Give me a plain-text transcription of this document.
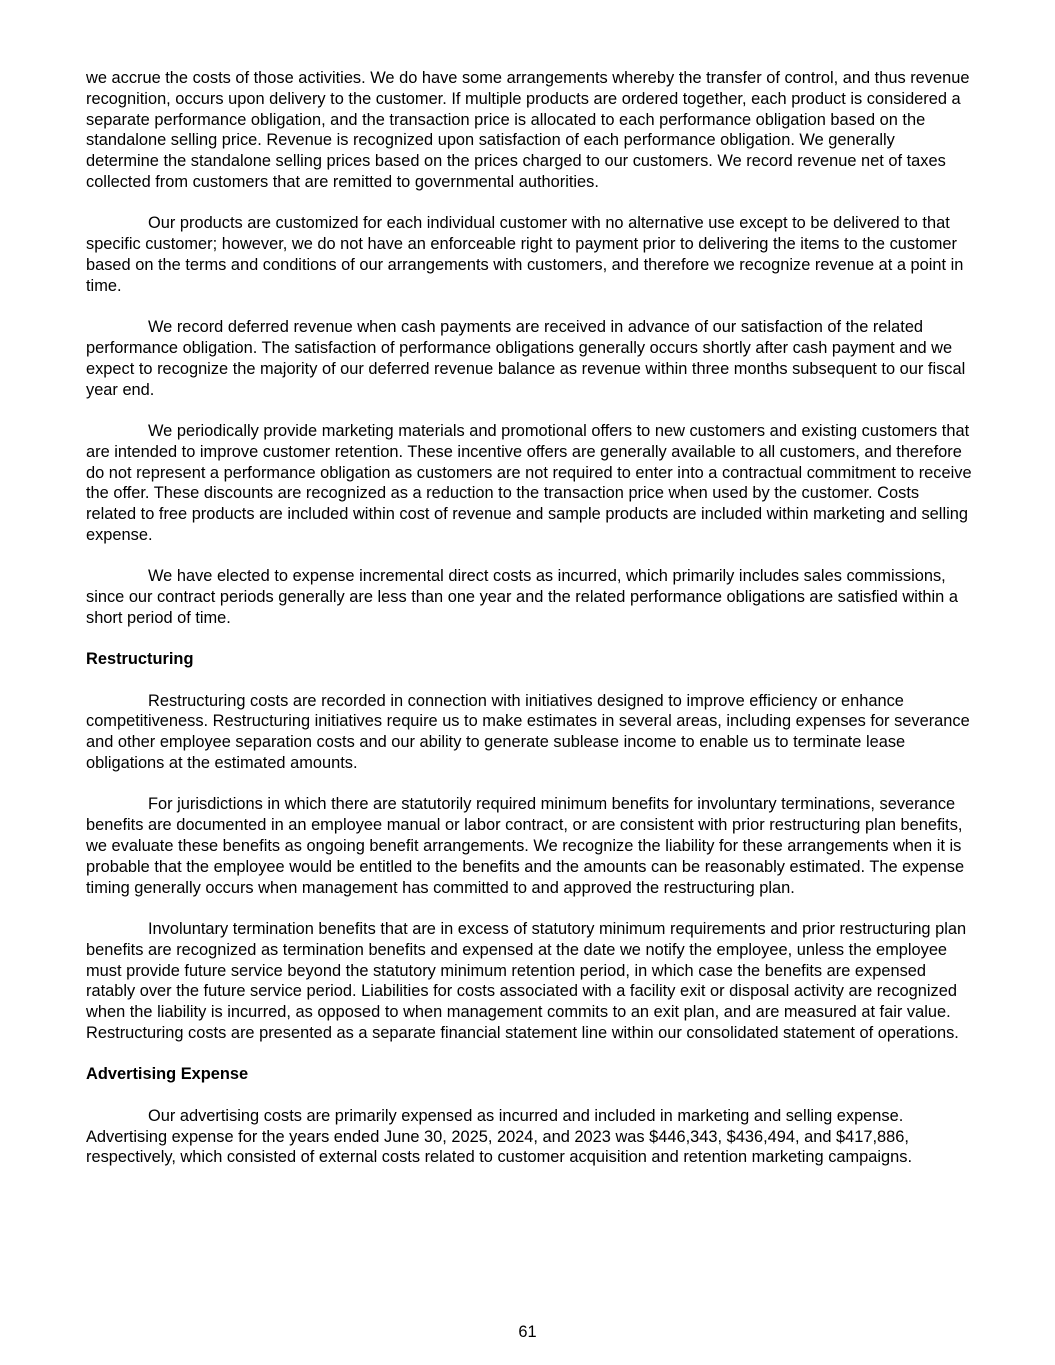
we accrue the costs of those activities. We do have some arrangements whereby the transfer of control, and thus revenue recognition, occurs upon delivery to the customer. If multiple products are ordered together, each product is considered a separate performance obligation, and the transaction price is allocated to each performance obligation based on the standalone selling price. Revenue is recognized upon satisfaction of each performance obligation. We generally determine the standalone selling prices based on the prices charged to our customers. We record revenue net of taxes collected from customers that are remitted to governmental authorities.

Our products are customized for each individual customer with no alternative use except to be delivered to that specific customer; however, we do not have an enforceable right to payment prior to delivering the items to the customer based on the terms and conditions of our arrangements with customers, and therefore we recognize revenue at a point in time.

We record deferred revenue when cash payments are received in advance of our satisfaction of the related performance obligation. The satisfaction of performance obligations generally occurs shortly after cash payment and we expect to recognize the majority of our deferred revenue balance as revenue within three months subsequent to our fiscal year end.

We periodically provide marketing materials and promotional offers to new customers and existing customers that are intended to improve customer retention. These incentive offers are generally available to all customers, and therefore do not represent a performance obligation as customers are not required to enter into a contractual commitment to receive the offer. These discounts are recognized as a reduction to the transaction price when used by the customer. Costs related to free products are included within cost of revenue and sample products are included within marketing and selling expense.

We have elected to expense incremental direct costs as incurred, which primarily includes sales commissions, since our contract periods generally are less than one year and the related performance obligations are satisfied within a short period of time.

Restructuring

Restructuring costs are recorded in connection with initiatives designed to improve efficiency or enhance competitiveness. Restructuring initiatives require us to make estimates in several areas, including expenses for severance and other employee separation costs and our ability to generate sublease income to enable us to terminate lease obligations at the estimated amounts.

For jurisdictions in which there are statutorily required minimum benefits for involuntary terminations, severance benefits are documented in an employee manual or labor contract, or are consistent with prior restructuring plan benefits, we evaluate these benefits as ongoing benefit arrangements. We recognize the liability for these arrangements when it is probable that the employee would be entitled to the benefits and the amounts can be reasonably estimated. The expense timing generally occurs when management has committed to and approved the restructuring plan.

Involuntary termination benefits that are in excess of statutory minimum requirements and prior restructuring plan benefits are recognized as termination benefits and expensed at the date we notify the employee, unless the employee must provide future service beyond the statutory minimum retention period, in which case the benefits are expensed ratably over the future service period. Liabilities for costs associated with a facility exit or disposal activity are recognized when the liability is incurred, as opposed to when management commits to an exit plan, and are measured at fair value. Restructuring costs are presented as a separate financial statement line within our consolidated statement of operations.

Advertising Expense

Our advertising costs are primarily expensed as incurred and included in marketing and selling expense. Advertising expense for the years ended June 30, 2025, 2024, and 2023 was $446,343, $436,494, and $417,886, respectively, which consisted of external costs related to customer acquisition and retention marketing campaigns.

61
